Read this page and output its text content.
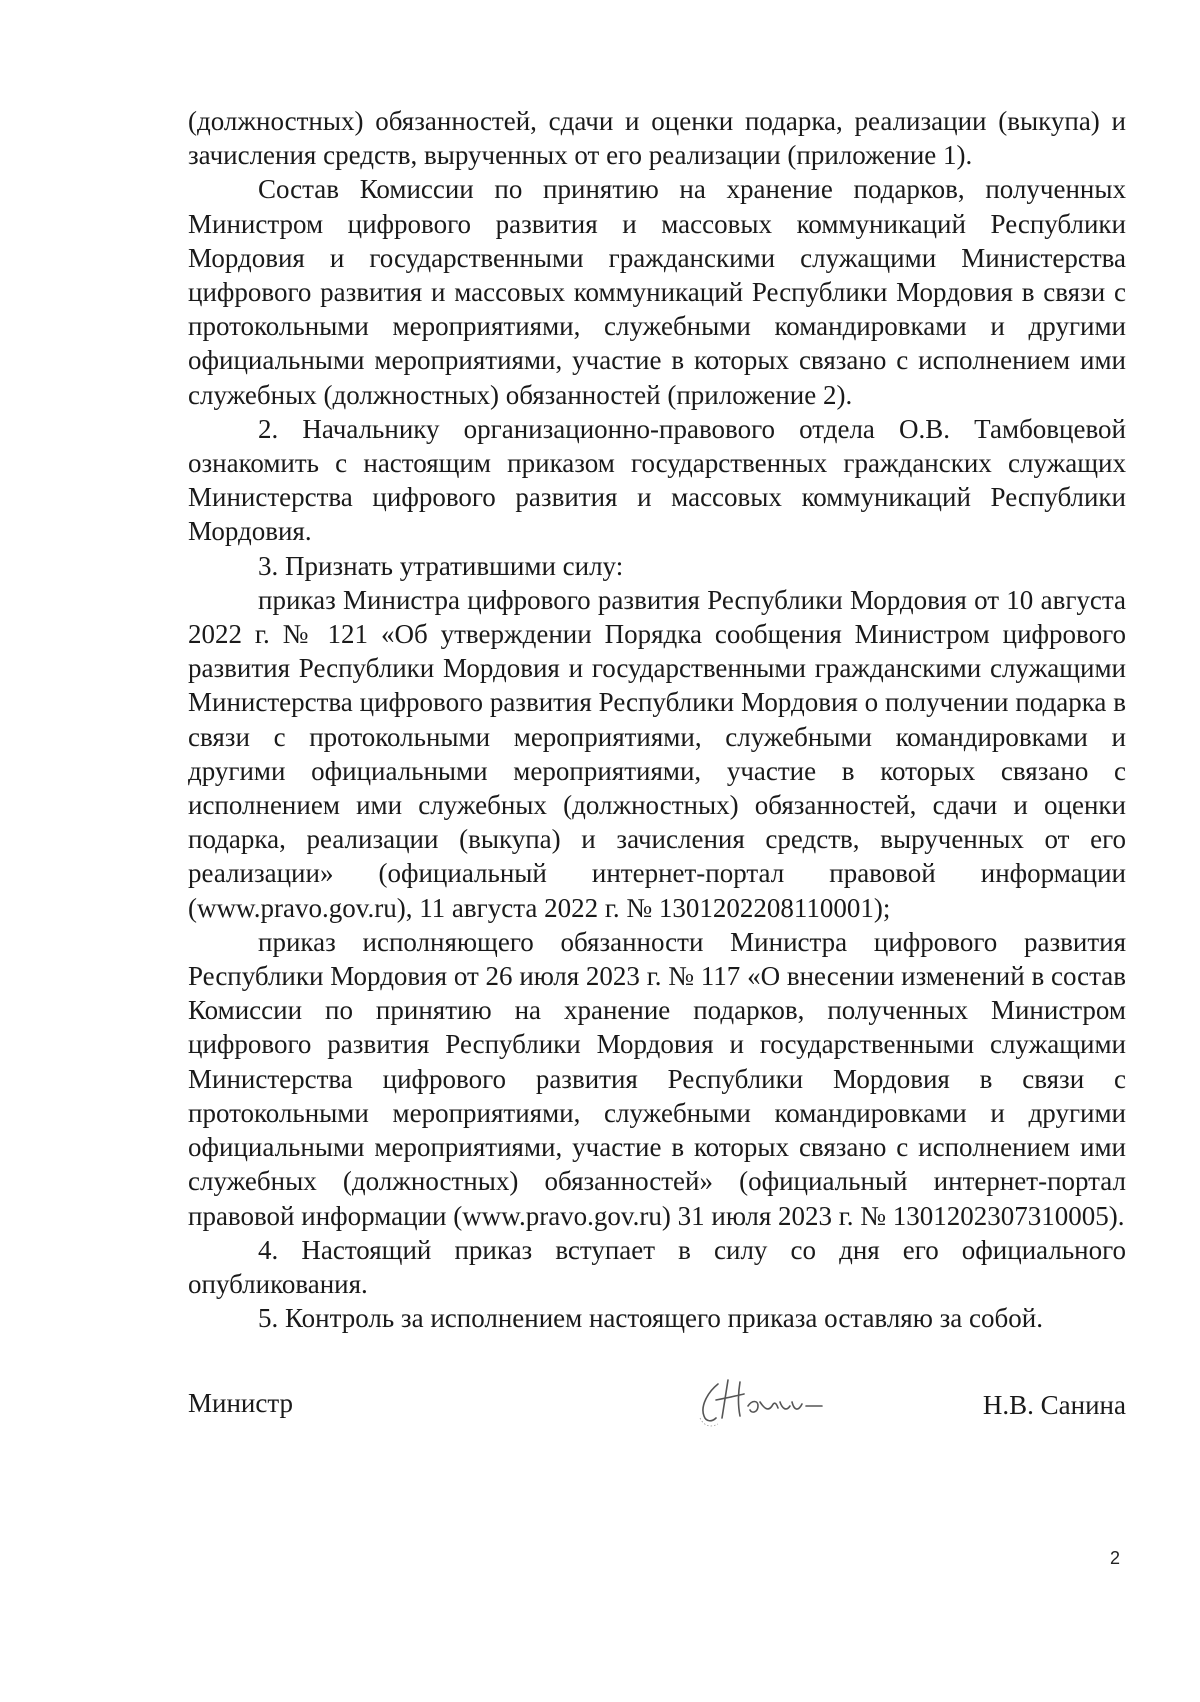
(должностных) обязанностей, сдачи и оценки подарка, реализации (выкупа) и зачисления средств, вырученных от его реализации (приложение 1).

Состав Комиссии по принятию на хранение подарков, полученных Министром цифрового развития и массовых коммуникаций Республики Мордовия и государственными гражданскими служащими Министерства цифрового развития и массовых коммуникаций Республики Мордовия в связи с протокольными мероприятиями, служебными командировками и другими официальными мероприятиями, участие в которых связано с исполнением ими служебных (должностных) обязанностей (приложение 2).

2. Начальнику организационно-правового отдела О.В. Тамбовцевой ознакомить с настоящим приказом государственных гражданских служащих Министерства цифрового развития и массовых коммуникаций Республики Мордовия.

3. Признать утратившими силу:

приказ Министра цифрового развития Республики Мордовия от 10 августа 2022 г. № 121 «Об утверждении Порядка сообщения Министром цифрового развития Республики Мордовия и государственными гражданскими служащими Министерства цифрового развития Республики Мордовия о получении подарка в связи с протокольными мероприятиями, служебными командировками и другими официальными мероприятиями, участие в которых связано с исполнением ими служебных (должностных) обязанностей, сдачи и оценки подарка, реализации (выкупа) и зачисления средств, вырученных от его реализации» (официальный интернет-портал правовой информации (www.pravo.gov.ru), 11 августа 2022 г. № 1301202208110001);

приказ исполняющего обязанности Министра цифрового развития Республики Мордовия от 26 июля 2023 г. № 117 «О внесении изменений в состав Комиссии по принятию на хранение подарков, полученных Министром цифрового развития Республики Мордовия и государственными служащими Министерства цифрового развития Республики Мордовия в связи с протокольными мероприятиями, служебными командировками и другими официальными мероприятиями, участие в которых связано с исполнением ими служебных (должностных) обязанностей» (официальный интернет-портал правовой информации (www.pravo.gov.ru) 31 июля 2023 г. № 1301202307310005).

4. Настоящий приказ вступает в силу со дня его официального опубликования.

5. Контроль за исполнением настоящего приказа оставляю за собой.

Министр	Н.В. Санина
2
